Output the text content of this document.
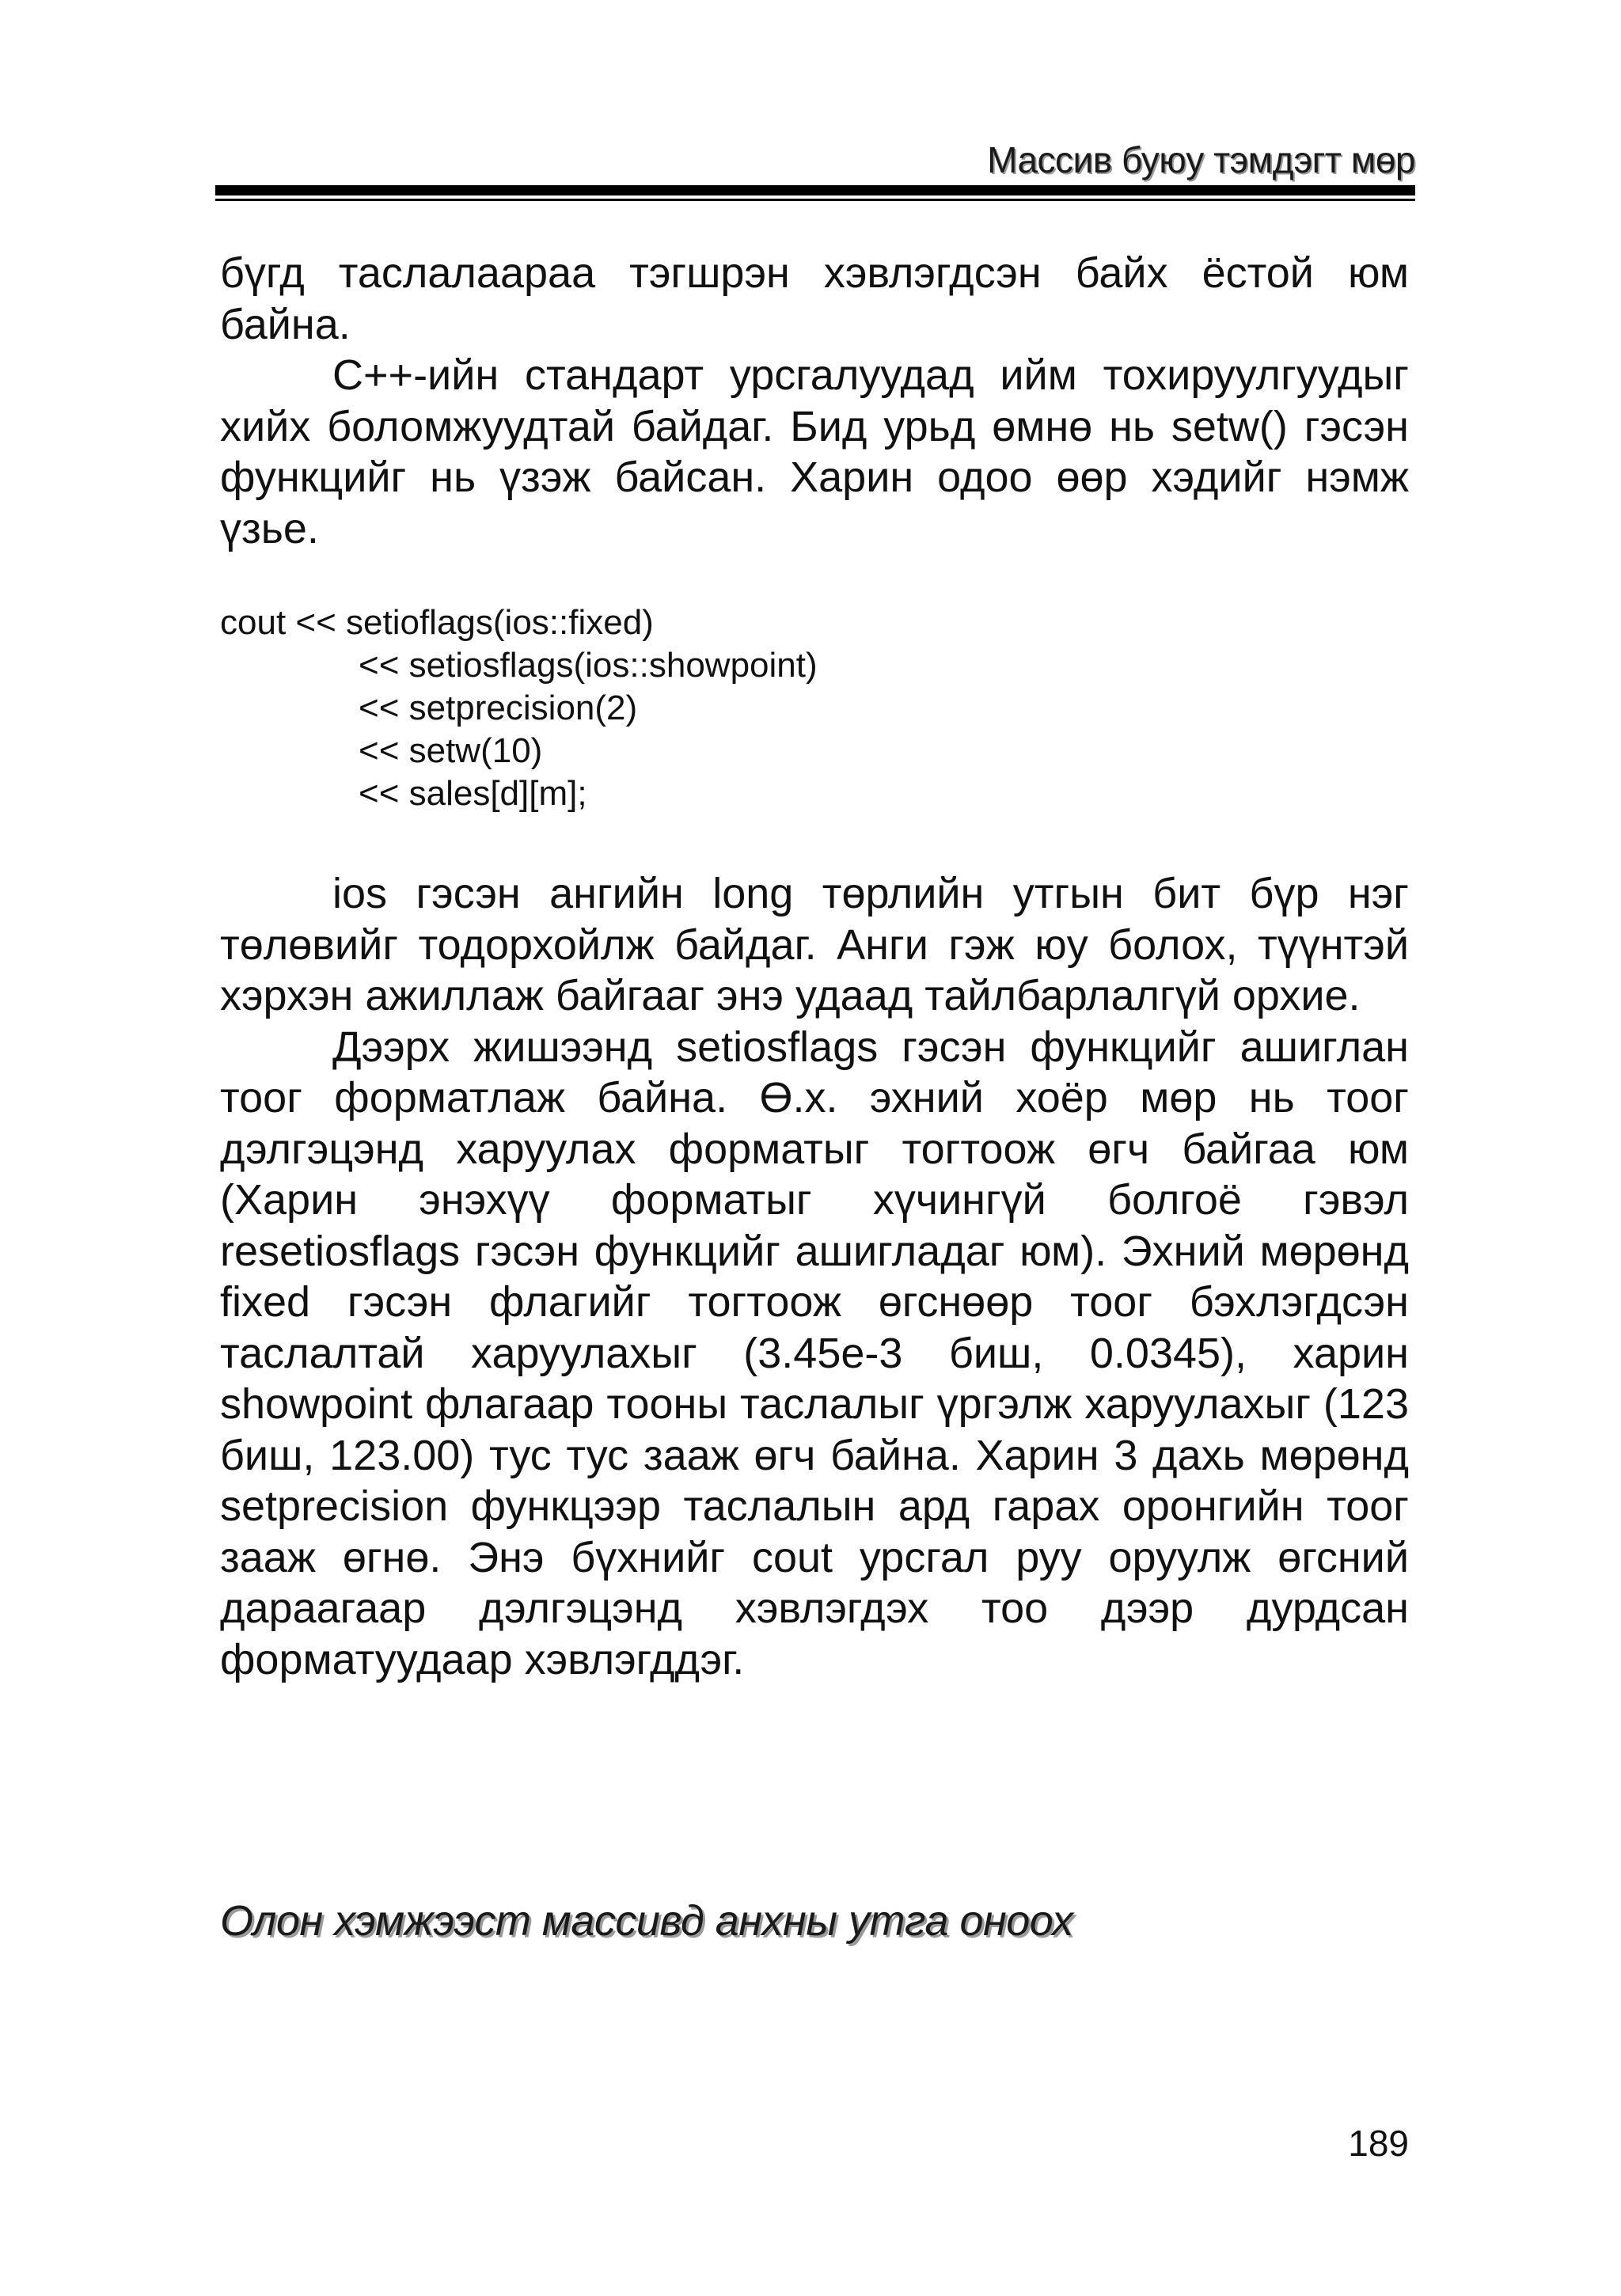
Массив буюу тэмдэгт мөр

бүгд таслалаараа тэгшрэн хэвлэгдсэн байх ёстой юм байна.

C++-ийн стандарт урсгалуудад ийм тохируулгуудыг хийх боломжуудтай байдаг. Бид урьд өмнө нь setw() гэсэн функцийг нь үзэж байсан. Харин одоо өөр хэдийг нэмж үзье.

cout << setioflags(ios::fixed)

<< setiosflags(ios::showpoint)

<< setprecision(2)

<< setw(10)

<< sales[d][m];

ios гэсэн ангийн long төрлийн утгын бит бүр нэг төлөвийг тодорхойлж байдаг. Анги гэж юу болох, түүнтэй хэрхэн ажиллаж байгааг энэ удаад тайлбарлалгүй орхие.

Дээрх жишээнд setiosflags гэсэн функцийг ашиглан тоог форматлаж байна. Ө.х. эхний хоёр мөр нь тоог дэлгэцэнд харуулах форматыг тогтоож өгч байгаа юм (Харин энэхүү форматыг хүчингүй болгоё гэвэл resetiosflags гэсэн функцийг ашигладаг юм). Эхний мөрөнд fixed гэсэн флагийг тогтоож өгснөөр тоог бэхлэгдсэн таслалтай харуулахыг (3.45e-3 биш, 0.0345), харин showpoint флагаар тооны таслалыг үргэлж харуулахыг (123 биш, 123.00) тус тус зааж өгч байна. Харин 3 дахь мөрөнд setprecision функцээр таслалын ард гарах оронгийн тоог зааж өгнө. Энэ бүхнийг cout урсгал руу оруулж өгсний дараагаар дэлгэцэнд хэвлэгдэх тоо дээр дурдсан форматуудаар хэвлэгддэг.

Олон хэмжээст массивд анхны утга оноох
189
